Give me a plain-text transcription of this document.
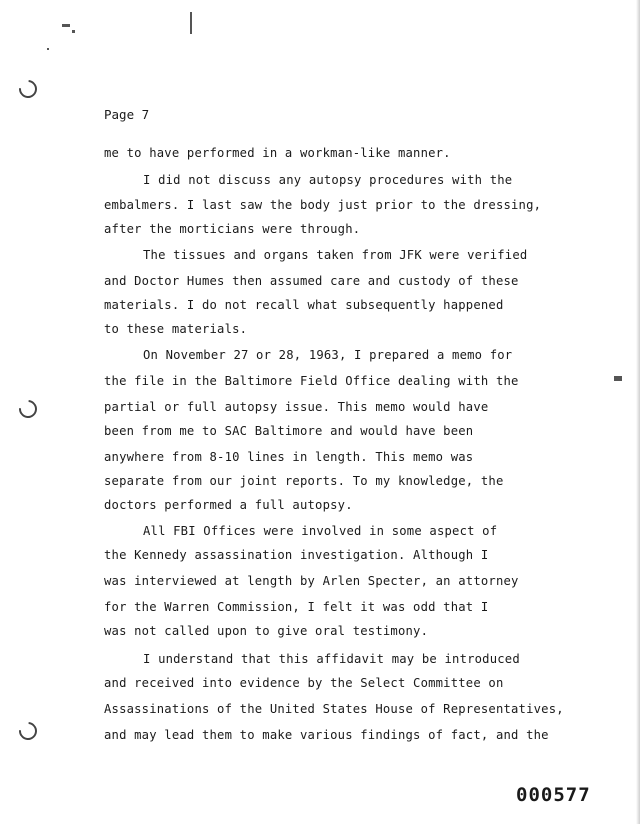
Page 7
me to have performed in a workman-like manner.
I did not discuss any autopsy procedures with the
embalmers. I last saw the body just prior to the dressing,
after the morticians were through.
The tissues and organs taken from JFK were verified
and Doctor Humes then assumed care and custody of these
materials. I do not recall what subsequently happened
to these materials.
On November 27 or 28, 1963, I prepared a memo for
the file in the Baltimore Field Office dealing with the
partial or full autopsy issue. This memo would have
been from me to SAC Baltimore and would have been
anywhere from 8-10 lines in length. This memo was
separate from our joint reports. To my knowledge, the
doctors performed a full autopsy.
All FBI Offices were involved in some aspect of
the Kennedy assassination investigation. Although I
was interviewed at length by Arlen Specter, an attorney
for the Warren Commission, I felt it was odd that I
was not called upon to give oral testimony.
I understand that this affidavit may be introduced
and received into evidence by the Select Committee on
Assassinations of the United States House of Representatives,
and may lead them to make various findings of fact, and the
000577
